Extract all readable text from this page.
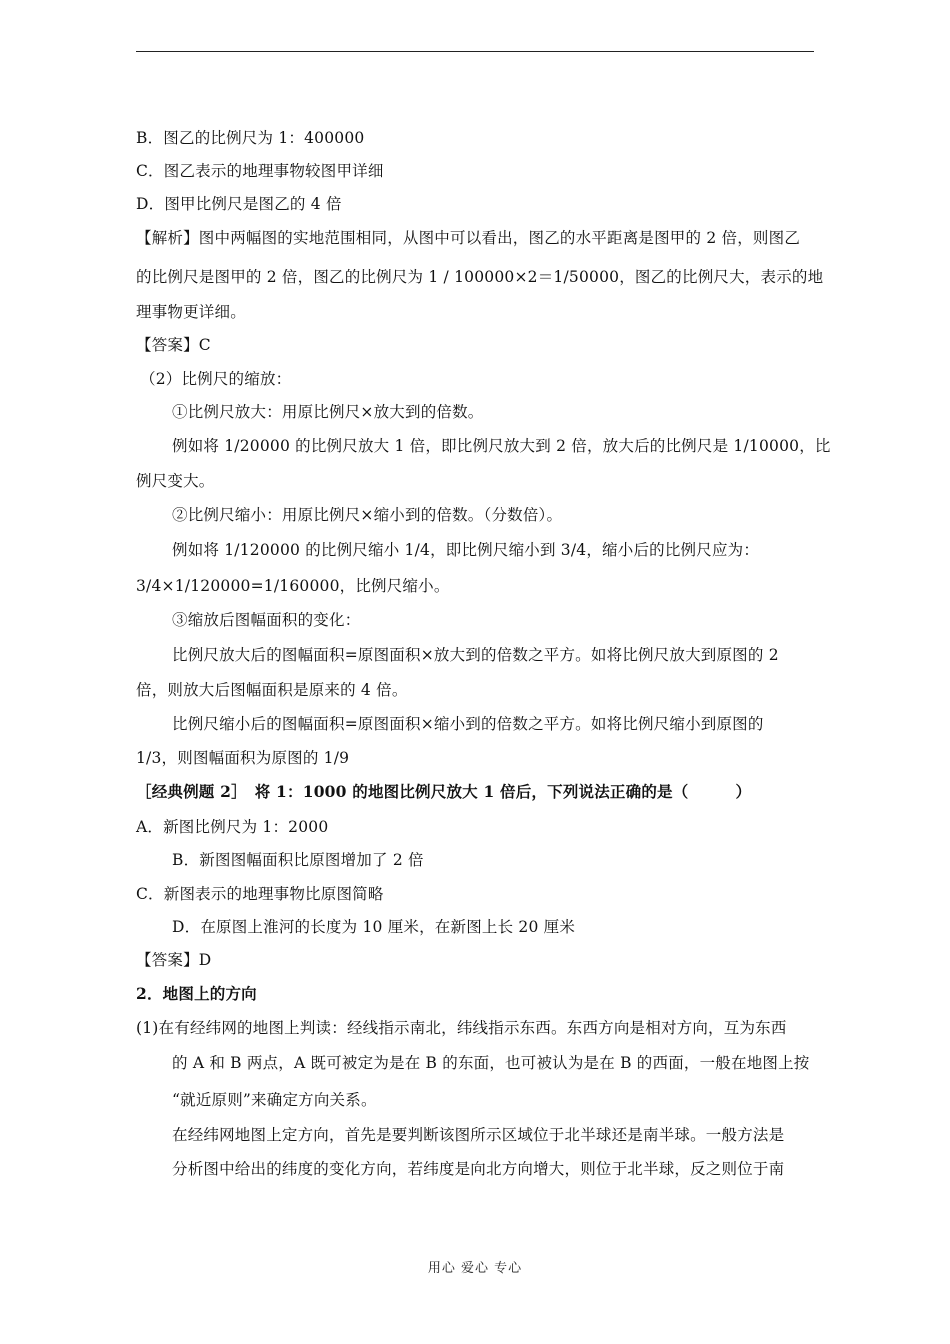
B．图乙的比例尺为 1：400000
C．图乙表示的地理事物较图甲详细
D．图甲比例尺是图乙的 4 倍
【解析】图中两幅图的实地范围相同，从图中可以看出，图乙的水平距离是图甲的 2 倍，则图乙
的比例尺是图甲的 2 倍，图乙的比例尺为 1 / 100000×2＝1/50000，图乙的比例尺大，表示的地
理事物更详细。
【答案】C
（2）比例尺的缩放：
①比例尺放大：用原比例尺×放大到的倍数。
例如将 1/20000 的比例尺放大 1 倍，即比例尺放大到 2 倍，放大后的比例尺是 1/10000，比
例尺变大。
②比例尺缩小：用原比例尺×缩小到的倍数。（分数倍）。
例如将 1/120000 的比例尺缩小 1/4，即比例尺缩小到 3/4，缩小后的比例尺应为：
3/4×1/120000=1/160000，比例尺缩小。
③缩放后图幅面积的变化：
比例尺放大后的图幅面积=原图面积×放大到的倍数之平方。如将比例尺放大到原图的 2
倍，则放大后图幅面积是原来的 4 倍。
比例尺缩小后的图幅面积=原图面积×缩小到的倍数之平方。如将比例尺缩小到原图的
1/3，则图幅面积为原图的 1/9
［经典例题 2］　将 1：1000 的地图比例尺放大 1 倍后，下列说法正确的是（　　　）
A．新图比例尺为 1：2000
B．新图图幅面积比原图增加了 2 倍
C．新图表示的地理事物比原图简略
D．在原图上淮河的长度为 10 厘米，在新图上长 20 厘米
【答案】D
2．地图上的方向
(1)在有经纬网的地图上判读：经线指示南北，纬线指示东西。东西方向是相对方向，互为东西
的 A 和 B 两点，A 既可被定为是在 B 的东面，也可被认为是在 B 的西面，一般在地图上按
“就近原则”来确定方向关系。
在经纬网地图上定方向，首先是要判断该图所示区域位于北半球还是南半球。一般方法是
分析图中给出的纬度的变化方向，若纬度是向北方向增大，则位于北半球，反之则位于南
用心 爱心 专心
